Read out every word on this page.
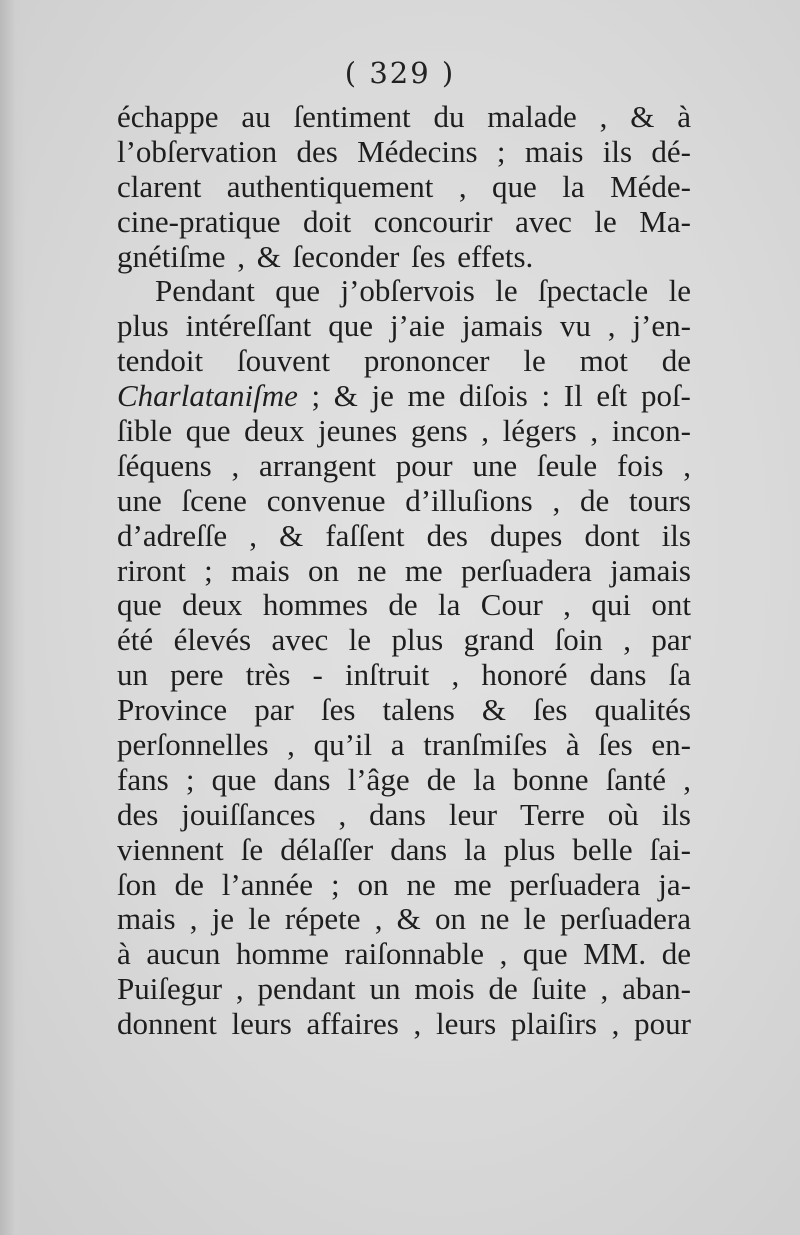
( 329 )
échappe au ſentiment du malade , & à
l’obſervation des Médecins ; mais ils dé-
clarent authentiquement , que la Méde-
cine-pratique doit concourir avec le Ma-
gnétiſme
,
&
ſeconder
ſes
effets.
Pendant que j’obſervois le ſpectacle le
plus intéreſſant que j’aie jamais vu , j’en-
tendoit ſouvent prononcer le mot de
Charlataniſme ; & je me diſois : Il eſt poſ-
ſible que deux jeunes gens , légers , incon-
ſéquens , arrangent pour une ſeule fois ,
une ſcene convenue d’illuſions , de tours
d’adreſſe , & faſſent des dupes dont ils
riront ; mais on ne me perſuadera jamais
que deux hommes de la Cour , qui ont
été élevés avec le plus grand ſoin , par
un pere très - inſtruit , honoré dans ſa
Province par ſes talens & ſes qualités
perſonnelles , qu’il a tranſmiſes à ſes en-
fans ; que dans l’âge de la bonne ſanté ,
des jouiſſances , dans leur Terre où ils
viennent ſe délaſſer dans la plus belle ſai-
ſon de l’année ; on ne me perſuadera ja-
mais , je le répete , & on ne le perſuadera
à aucun homme raiſonnable , que MM. de
Puiſegur , pendant un mois de ſuite , aban-
donnent leurs affaires , leurs plaiſirs , pour
